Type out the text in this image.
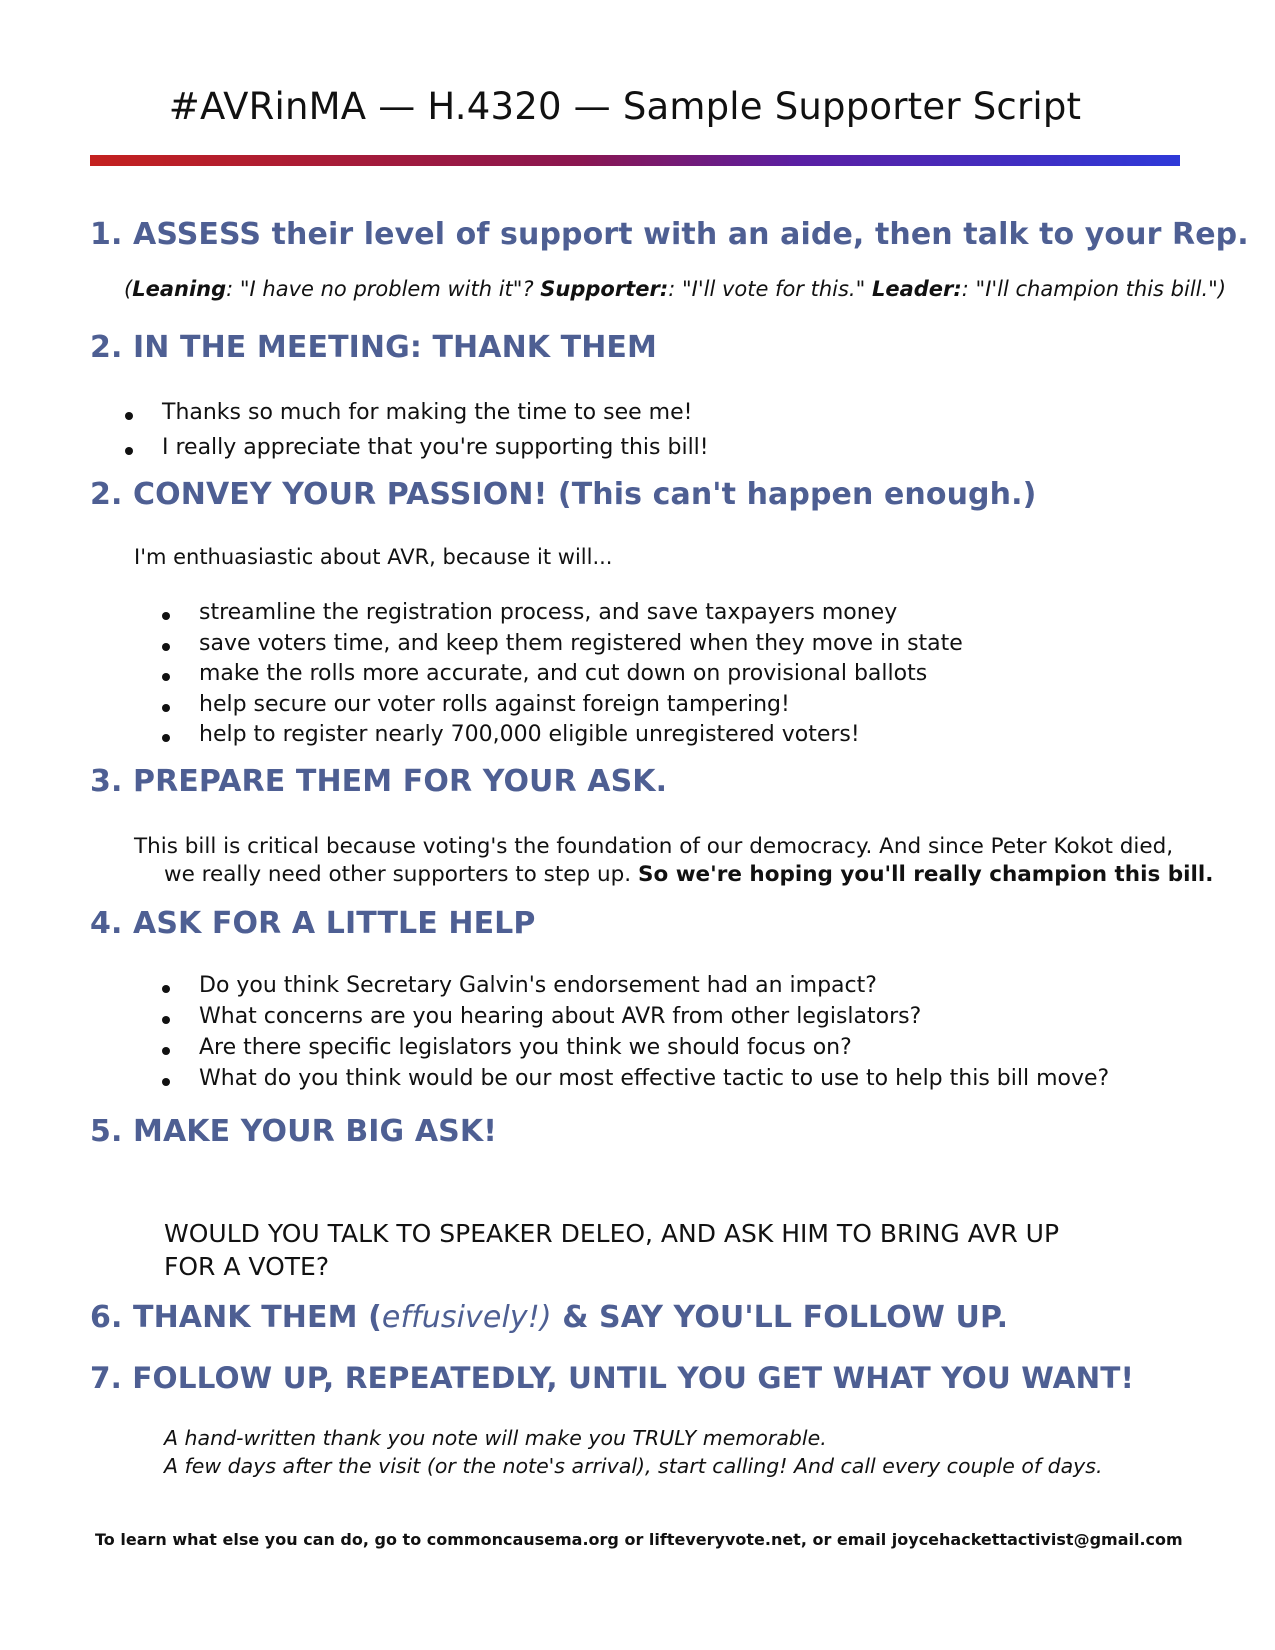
#AVRinMA — H.4320 — Sample Supporter Script
1. ASSESS their level of support with an aide, then talk to your Rep.
(Leaning: "I have no problem with it"? Supporter:: "I'll vote for this." Leader:: "I'll champion this bill.")
2. IN THE MEETING: THANK THEM
Thanks so much for making the time to see me!
I really appreciate that you're supporting this bill!
2. CONVEY YOUR PASSION! (This can't happen enough.)
I'm enthuasiastic about AVR, because it will...
streamline the registration process, and save taxpayers money
save voters time, and keep them registered when they move in state
make the rolls more accurate, and cut down on provisional ballots
help secure our voter rolls against foreign tampering!
help to register nearly 700,000 eligible unregistered voters!
3. PREPARE THEM FOR YOUR ASK.
This bill is critical because voting's the foundation of our democracy. And since Peter Kokot died,
we really need other supporters to step up. So we're hoping you'll really champion this bill.
4. ASK FOR A LITTLE HELP
Do you think Secretary Galvin's endorsement had an impact?
What concerns are you hearing about AVR from other legislators?
Are there specific legislators you think we should focus on?
What do you think would be our most effective tactic to use to help this bill move?
5. MAKE YOUR BIG ASK!
WOULD YOU TALK TO SPEAKER DELEO, AND ASK HIM TO BRING AVR UP
FOR A VOTE?
6. THANK THEM (effusively!) & SAY YOU'LL FOLLOW UP.
7. FOLLOW UP, REPEATEDLY, UNTIL YOU GET WHAT YOU WANT!
A hand-written thank you note will make you TRULY memorable.
A few days after the visit (or the note's arrival), start calling! And call every couple of days.
To learn what else you can do, go to commoncausema.org or lifteveryvote.net, or email joycehackettactivist@gmail.com
